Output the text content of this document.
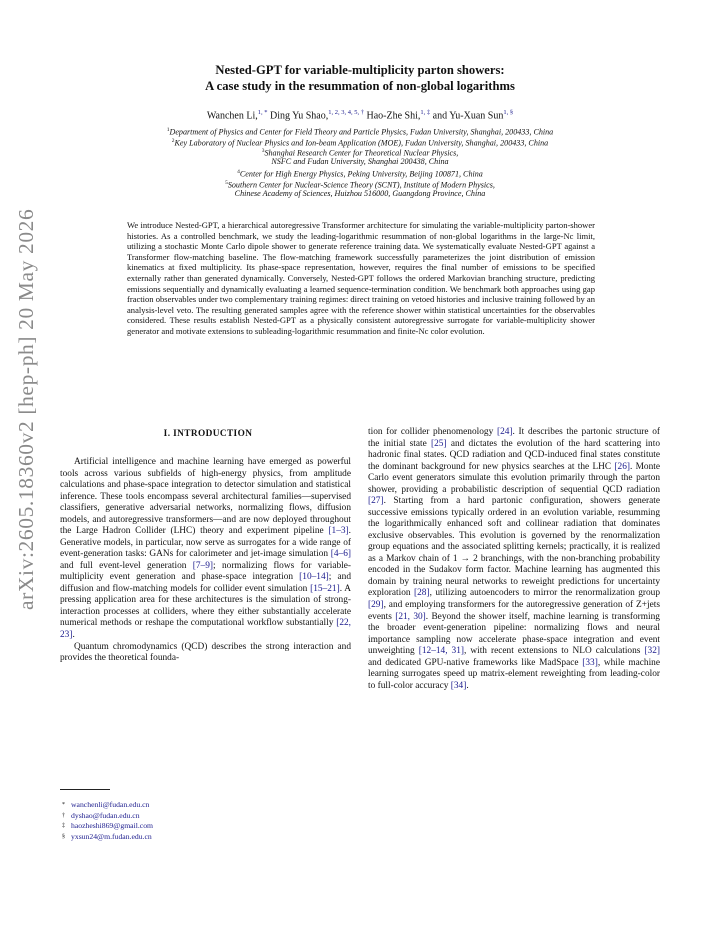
arXiv:2605.18360v2 [hep-ph] 20 May 2026
Nested-GPT for variable-multiplicity parton showers:
A case study in the resummation of non-global logarithms
Wanchen Li,$^{1, *}$ Ding Yu Shao,$^{1, 2, 3, 4, 5, \dagger}$ Hao-Zhe Shi,$^{1, \ddagger}$ and Yu-Xuan Sun$^{1, \S}$
$^1$Department of Physics and Center for Field Theory and Particle Physics, Fudan University, Shanghai, 200433, China
$^2$Key Laboratory of Nuclear Physics and Ion-beam Application (MOE), Fudan University, Shanghai, 200433, China
$^3$Shanghai Research Center for Theoretical Nuclear Physics,
NSFC and Fudan University, Shanghai 200438, China
$^4$Center for High Energy Physics, Peking University, Beijing 100871, China
$^5$Southern Center for Nuclear-Science Theory (SCNT), Institute of Modern Physics,
Chinese Academy of Sciences, Huizhou 516000, Guangdong Province, China
We introduce Nested-GPT, a hierarchical autoregressive Transformer architecture for simulating the variable-multiplicity parton-shower histories. As a controlled benchmark, we study the leading-logarithmic resummation of non-global logarithms in the large-Nc limit, utilizing a stochastic Monte Carlo dipole shower to generate reference training data. We systematically evaluate Nested-GPT against a Transformer flow-matching baseline. The flow-matching framework successfully parameterizes the joint distribution of emission kinematics at fixed multiplicity. Its phase-space representation, however, requires the final number of emissions to be specified externally rather than generated dynamically. Conversely, Nested-GPT follows the ordered Markovian branching structure, predicting emissions sequentially and dynamically evaluating a learned sequence-termination condition. We benchmark both approaches using gap fraction observables under two complementary training regimes: direct training on vetoed histories and inclusive training followed by an analysis-level veto. The resulting generated samples agree with the reference shower within statistical uncertainties for the observables considered. These results establish Nested-GPT as a physically consistent autoregressive surrogate for variable-multiplicity shower generator and motivate extensions to subleading-logarithmic resummation and finite-Nc color evolution.
I. INTRODUCTION

Artificial intelligence and machine learning have emerged as powerful tools across various subfields of high-energy physics, from amplitude calculations and phase-space integration to detector simulation and statistical inference. These tools encompass several architectural families—supervised classifiers, generative adversarial networks, normalizing flows, diffusion models, and autoregressive transformers—and are now deployed throughout the Large Hadron Collider (LHC) theory and experiment pipeline [1–3]. Generative models, in particular, now serve as surrogates for a wide range of event-generation tasks: GANs for calorimeter and jet-image simulation [4–6] and full event-level generation [7–9]; normalizing flows for variable-multiplicity event generation and phase-space integration [10–14]; and diffusion and flow-matching models for collider event simulation [15–21]. A pressing application area for these architectures is the simulation of strong-interaction processes at colliders, where they either substantially accelerate numerical methods or reshape the computational workflow substantially [22, 23].

Quantum chromodynamics (QCD) describes the strong interaction and provides the theoretical founda-

tion for collider phenomenology [24]. It describes the partonic structure of the initial state [25] and dictates the evolution of the hard scattering into hadronic final states. QCD radiation and QCD-induced final states constitute the dominant background for new physics searches at the LHC [26]. Monte Carlo event generators simulate this evolution primarily through the parton shower, providing a probabilistic description of sequential QCD radiation [27]. Starting from a hard partonic configuration, showers generate successive emissions typically ordered in an evolution variable, resumming the logarithmically enhanced soft and collinear radiation that dominates exclusive observables. This evolution is governed by the renormalization group equations and the associated splitting kernels; practically, it is realized as a Markov chain of 1 → 2 branchings, with the non-branching probability encoded in the Sudakov form factor. Machine learning has augmented this domain by training neural networks to reweight predictions for uncertainty exploration [28], utilizing autoencoders to mirror the renormalization group [29], and employing transformers for the autoregressive generation of Z+jets events [21, 30]. Beyond the shower itself, machine learning is transforming the broader event-generation pipeline: normalizing flows and neural importance sampling now accelerate phase-space integration and event unweighting [12–14, 31], with recent extensions to NLO calculations [32] and dedicated GPU-native frameworks like MadSpace [33], while machine learning surrogates speed up matrix-element reweighting from leading-color to full-color accuracy [34].

* wanchenli@fudan.edu.cn
† dyshao@fudan.edu.cn
‡ haozheshi869@gmail.com
§ yxsun24@m.fudan.edu.cn
